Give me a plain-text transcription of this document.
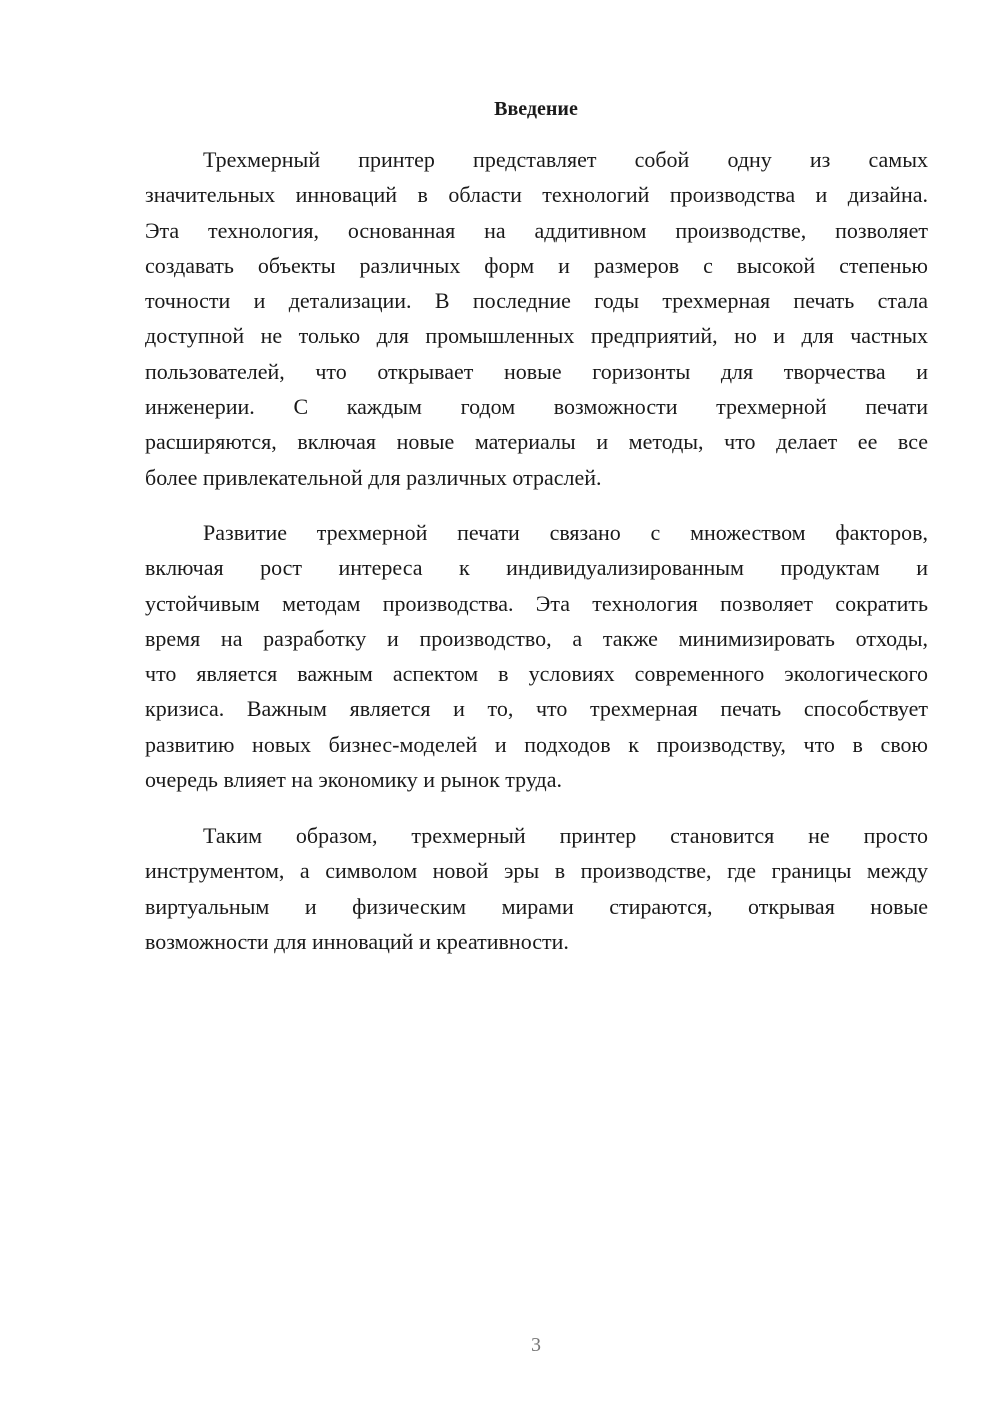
Введение
Трехмерный принтер представляет собой одну из самых
значительных инноваций в области технологий производства и дизайна.
Эта технология, основанная на аддитивном производстве, позволяет
создавать объекты различных форм и размеров с высокой степенью
точности и детализации. В последние годы трехмерная печать стала
доступной не только для промышленных предприятий, но и для частных
пользователей, что открывает новые горизонты для творчества и
инженерии. С каждым годом возможности трехмерной печати
расширяются, включая новые материалы и методы, что делает ее все
более привлекательной для различных отраслей.
Развитие трехмерной печати связано с множеством факторов,
включая рост интереса к индивидуализированным продуктам и
устойчивым методам производства. Эта технология позволяет сократить
время на разработку и производство, а также минимизировать отходы,
что является важным аспектом в условиях современного экологического
кризиса. Важным является и то, что трехмерная печать способствует
развитию новых бизнес-моделей и подходов к производству, что в свою
очередь влияет на экономику и рынок труда.
Таким образом, трехмерный принтер становится не просто
инструментом, а символом новой эры в производстве, где границы между
виртуальным и физическим мирами стираются, открывая новые
возможности для инноваций и креативности.
3
